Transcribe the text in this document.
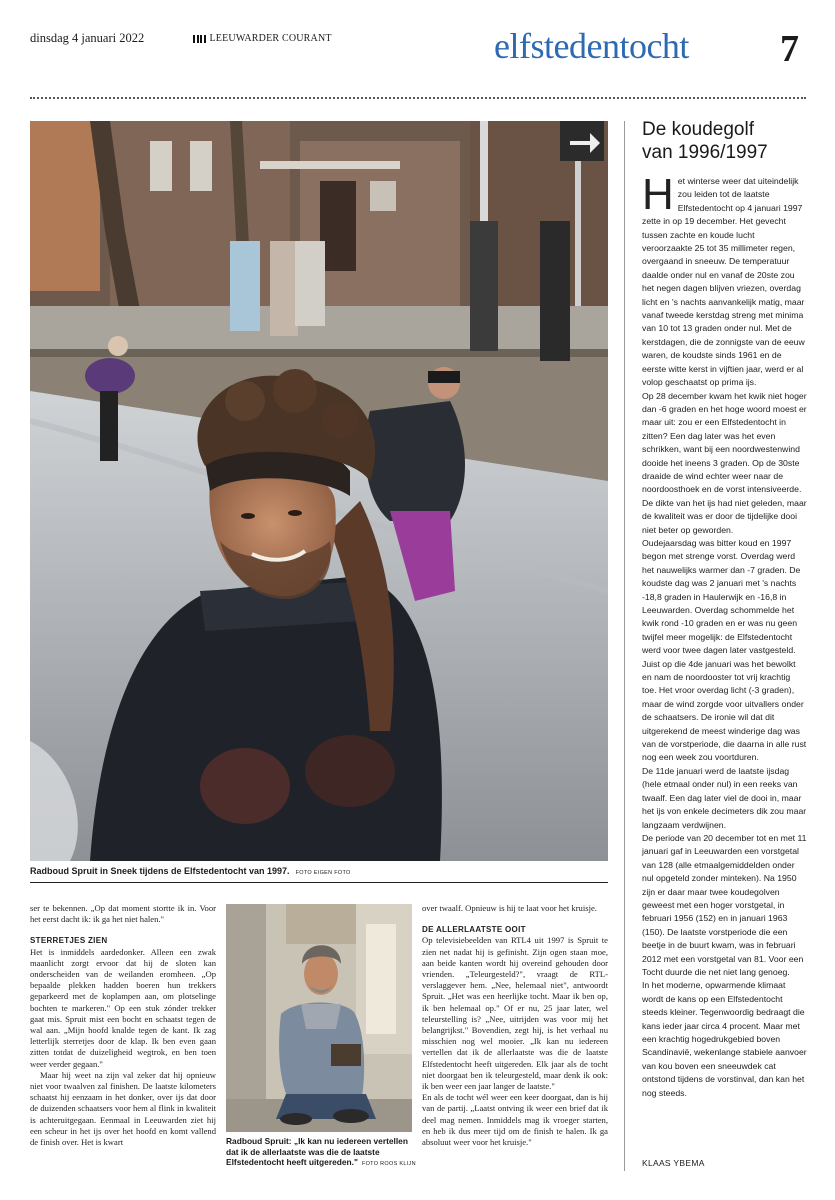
dinsdag 4 januari 2022	LEEUWARDER COURANT	elfstedentocht 7
Radboud Spruit in Sneek tijdens de Elfstedentocht van 1997. FOTO EIGEN FOTO
De koudegolf
van 1996/1997

Het winterse weer dat uiteindelijk zou leiden tot de laatste Elfstedentocht op 4 januari 1997 zette in op 19 december. Het gevecht tussen zachte en koude lucht veroorzaakte 25 tot 35 millimeter regen, overgaand in sneeuw. De temperatuur daalde onder nul en vanaf de 20ste zou het negen dagen blijven vriezen, overdag licht en 's nachts aanvankelijk matig, maar vanaf tweede kerstdag streng met minima van 10 tot 13 graden onder nul. Met de kerstdagen, die de zonnigste van de eeuw waren, de koudste sinds 1961 en de eerste witte kerst in vijftien jaar, werd er al volop geschaatst op prima ijs.

Op 28 december kwam het kwik niet hoger dan -6 graden en het hoge woord moest er maar uit: zou er een Elfstedentocht in zitten? Een dag later was het even schrikken, want bij een noordwestenwind dooide het ineens 3 graden. Op de 30ste draaide de wind echter weer naar de noordoosthoek en de vorst intensiveerde. De dikte van het ijs had niet geleden, maar de kwaliteit was er door de tijdelijke dooi niet beter op geworden.

Oudejaarsdag was bitter koud en 1997 begon met strenge vorst. Overdag werd het nauwelijks warmer dan -7 graden. De koudste dag was 2 januari met 's nachts -18,8 graden in Haulerwijk en -16,8 in Leeuwarden. Overdag schommelde het kwik rond -10 graden en er was nu geen twijfel meer mogelijk: de Elfstedentocht werd voor twee dagen later vastgesteld. Juist op die 4de januari was het bewolkt en nam de noordooster tot vrij krachtig toe. Het vroor overdag licht (-3 graden), maar de wind zorgde voor uitvallers onder de schaatsers. De ironie wil dat dit uitgerekend de meest winderige dag was van de vorstperiode, die daarna in alle rust nog een week zou voortduren.

De 11de januari werd de laatste ijsdag (hele etmaal onder nul) in een reeks van twaalf. Een dag later viel de dooi in, maar het ijs von enkele decimeters dik zou maar langzaam verdwijnen.

De periode van 20 december tot en met 11 januari gaf in Leeuwarden een vorstgetal van 128 (alle etmaalgemiddelden onder nul opgeteld zonder minteken). Na 1950 zijn er daar maar twee koudegolven geweest met een hoger vorstgetal, in februari 1956 (152) en in januari 1963 (150). De laatste vorstperiode die een beetje in de buurt kwam, was in februari 2012 met een vorstgetal van 81. Voor een Tocht duurde die net niet lang genoeg.

In het moderne, opwarmende klimaat wordt de kans op een Elfstedentocht steeds kleiner. Tegenwoordig bedraagt die kans ieder jaar circa 4 procent. Maar met een krachtig hogedrukgebied boven Scandinavië, wekenlange stabiele aanvoer van kou boven een sneeuwdek cat ontstond tijdens de vorstinval, dan kan het nog steeds.

KLAAS YBEMA

ser te bekennen. „Op dat moment stortte ik in. Voor het eerst dacht ik: ik ga het niet halen."

STERRETJES ZIEN

Het is inmiddels aardedonker. Alleen een zwak maanlicht zorgt ervoor dat hij de sloten kan onderscheiden van de weilanden eromheen. „Op bepaalde plekken hadden boeren hun trekkers geparkeerd met de koplampen aan, om plotselinge bochten te markeren." Op een stuk zónder trekker gaat mis. Spruit mist een bocht en schaatst tegen de wal aan. „Mijn hoofd knalde tegen de kant. Ik zag letterlijk sterretjes door de klap. Ik ben even gaan zitten totdat de duizeligheid wegtrok, en ben toen weer verder gegaan."

Maar hij weet na zijn val zeker dat hij opnieuw niet voor twaalven zal finishen. De laatste kilometers schaatst hij eenzaam in het donker, over ijs dat door de duizenden schaatsers voor hem al flink in kwaliteit is achteruitgegaan. Eenmaal in Leeuwarden ziet hij een scheur in het ijs over het hoofd en komt vallend de finish over. Het is kwart	Radboud Spruit: „Ik kan nu iedereen vertellen dat ik de allerlaatste was die de laatste Elfstedentocht heeft uitgereden." FOTO ROOS KLIJN

over twaalf. Opnieuw is hij te laat voor het kruisje.

DE ALLERLAATSTE OOIT

Op televisiebeelden van RTL4 uit 1997 is Spruit te zien net nadat hij is gefinisht. Zijn ogen staan moe, aan beide kanten wordt hij overeind gehouden door vrienden. „Teleurgesteld?", vraagt de RTL-verslaggever hem. „Nee, helemaal niet", antwoordt Spruit. „Het was een heerlijke tocht. Maar ik ben op, ik ben helemaal op." Of er nu, 25 jaar later, wel teleurstelling is? „Nee, uitrijden was voor mij het belangrijkst." Bovendien, zegt hij, is het verhaal nu misschien nog wel mooier. „Ik kan nu iedereen vertellen dat ik de allerlaatste was die de laatste Elfstedentocht heeft uitgereden. Elk jaar als de tocht niet doorgaat ben ik teleurgesteld, maar denk ik ook: ik ben weer een jaar langer de laatste."

En als de tocht wél weer een keer doorgaat, dan is hij van de partij. „Laatst ontving ik weer een brief dat ik deel mag nemen. Inmiddels mag ik vroeger starten, en heb ik dus meer tijd om de finish te halen. Ik ga absoluut weer voor het kruisje."
